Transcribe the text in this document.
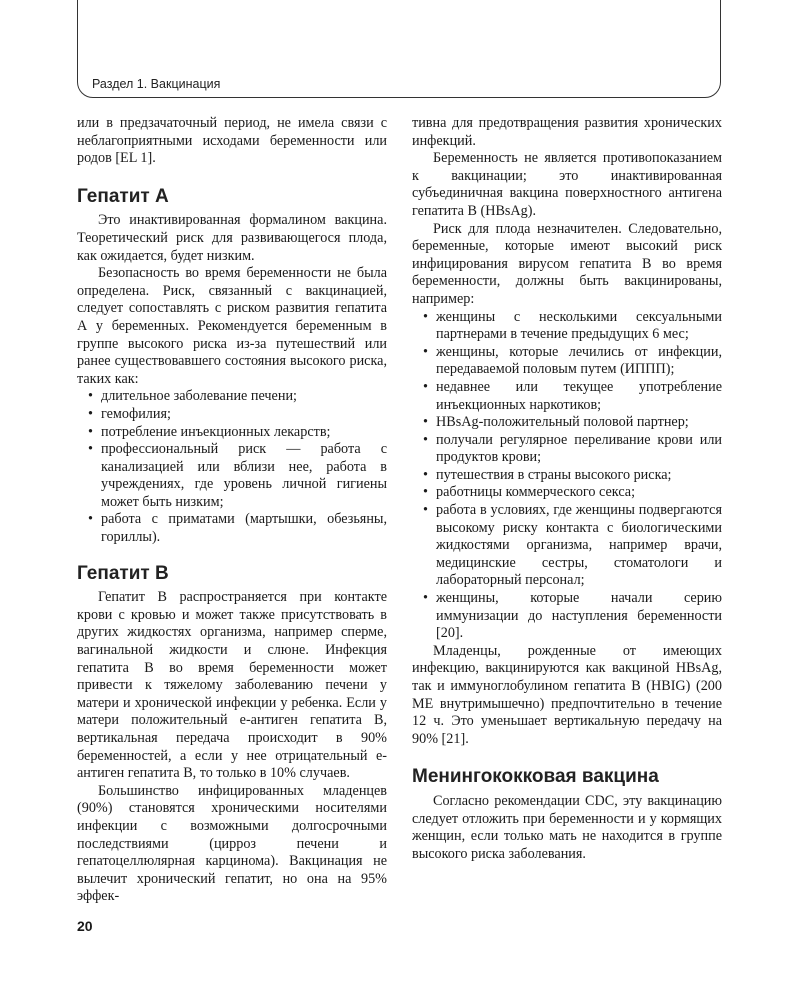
Раздел 1. Вакцинация

или в предзачаточный период, не имела связи с неблагоприятными исходами беременности или родов [EL 1].

Гепатит А

Это инактивированная формалином вакцина. Теоретический риск для развивающегося плода, как ожидается, будет низким.

Безопасность во время беременности не была определена. Риск, связанный с вакцинацией, следует сопоставлять с риском развития гепатита А у беременных. Рекомендуется беременным в группе высокого риска из-за путешествий или ранее существовавшего состояния высокого риска, таких как:

• длительное заболевание печени;
• гемофилия;
• потребление инъекционных лекарств;
• профессиональный риск — работа с канализацией или вблизи нее, работа в учреждениях, где уровень личной гигиены может быть низким;
• работа с приматами (мартышки, обезьяны, гориллы).
Гепатит В

Гепатит В распространяется при контакте крови с кровью и может также присутствовать в других жидкостях организма, например сперме, вагинальной жидкости и слюне. Инфекция гепатита В во время беременности может привести к тяжелому заболеванию печени у матери и хронической инфекции у ребенка. Если у матери положительный е-антиген гепатита В, вертикальная передача происходит в 90% беременностей, а если у нее отрицательный е-антиген гепатита В, то только в 10% случаев.

Большинство инфицированных младенцев (90%) становятся хроническими носителями инфекции с возможными долгосрочными последствиями (цирроз печени и гепатоцеллюлярная карцинома). Вакцинация не вылечит хронический гепатит, но она на 95% эффек-

тивна для предотвращения развития хронических инфекций.

Беременность не является противопоказанием к вакцинации; это инактивированная субъединичная вакцина поверхностного антигена гепатита В (HBsAg).

Риск для плода незначителен. Следовательно, беременные, которые имеют высокий риск инфицирования вирусом гепатита В во время беременности, должны быть вакцинированы, например:

• женщины с несколькими сексуальными партнерами в течение предыдущих 6 мес;
• женщины, которые лечились от инфекции, передаваемой половым путем (ИППП);
• недавнее или текущее употребление инъекционных наркотиков;
• HBsAg-положительный половой партнер;
• получали регулярное переливание крови или продуктов крови;
• путешествия в страны высокого риска;
• работницы коммерческого секса;
• работа в условиях, где женщины подвергаются высокому риску контакта с биологическими жидкостями организма, например врачи, медицинские сестры, стоматологи и лабораторный персонал;
• женщины, которые начали серию иммунизации до наступления беременности [20].

Младенцы, рожденные от имеющих инфекцию, вакцинируются как вакциной HBsAg, так и иммуноглобулином гепатита В (HBIG) (200 МЕ внутримышечно) предпочтительно в течение 12 ч. Это уменьшает вертикальную передачу на 90% [21].

Менингококковая вакцина

Согласно рекомендации CDC, эту вакцинацию следует отложить при беременности и у кормящих женщин, если только мать не находится в группе высокого риска заболевания.

20
